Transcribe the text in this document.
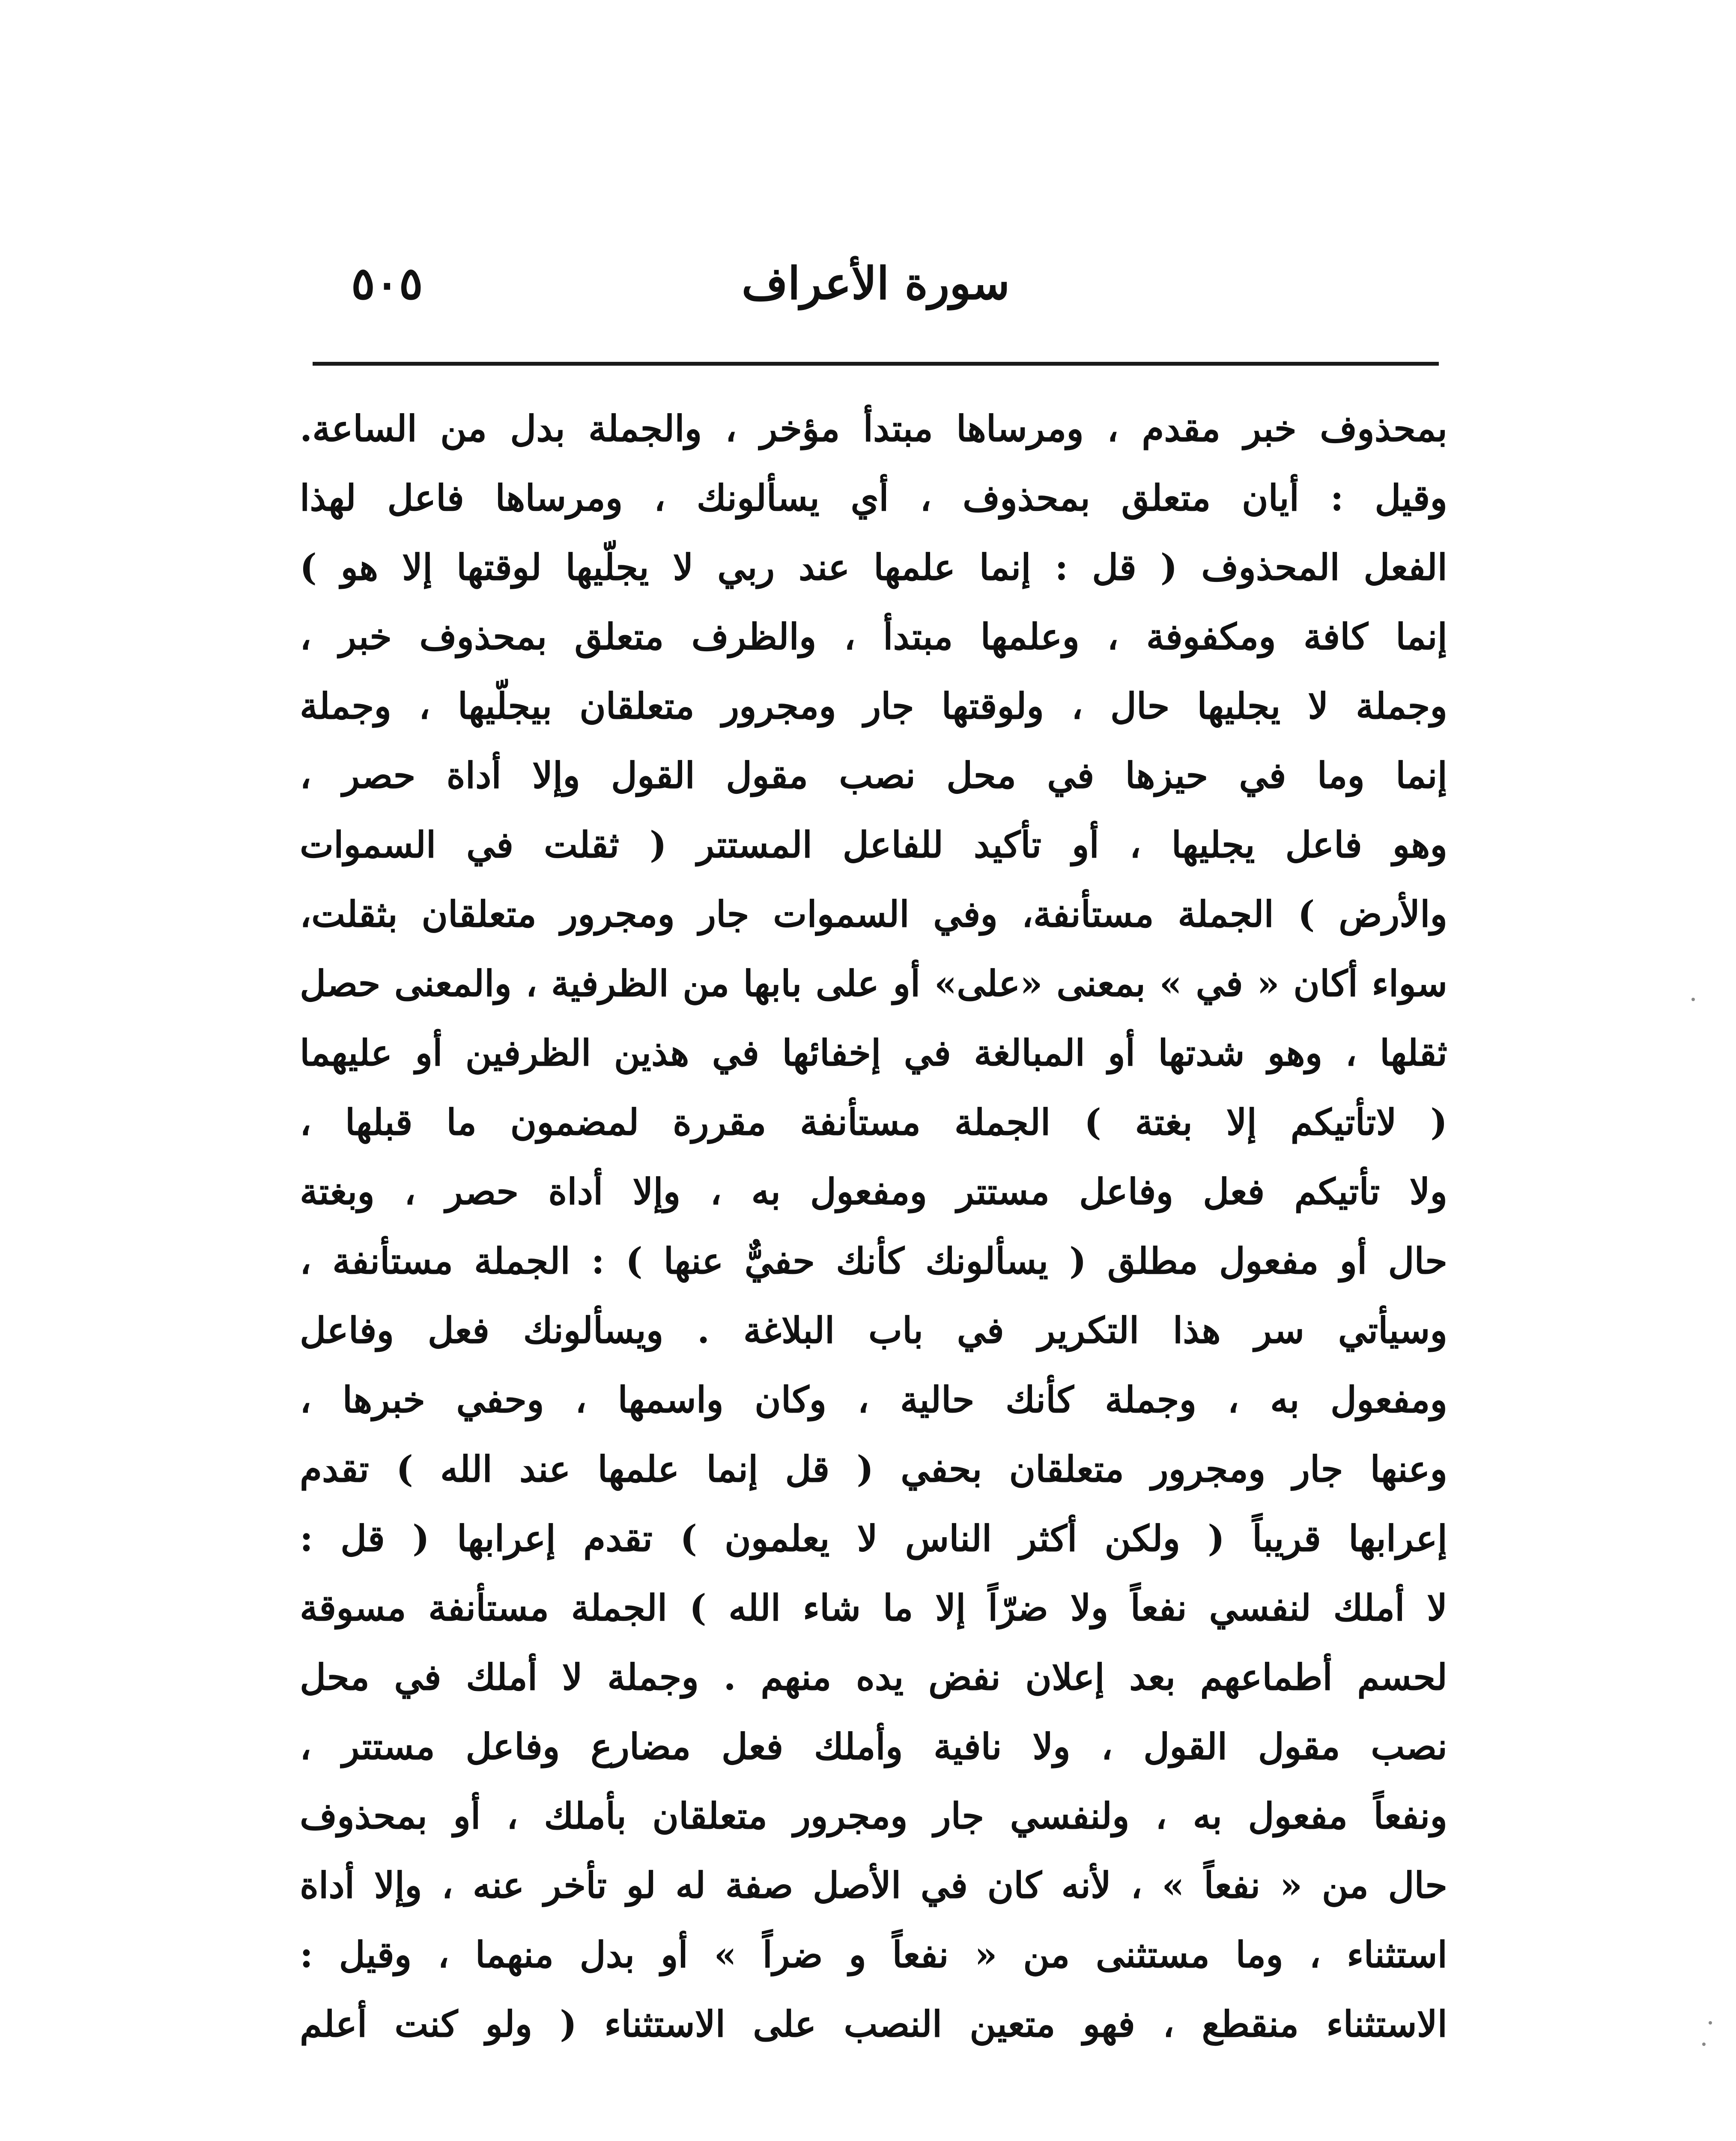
سورة الأعراف
٥٠٥
بمحذوف خبر مقدم ، ومرساها مبتدأ مؤخر ، والجملة بدل من الساعة.
وقيل : أيان متعلق بمحذوف ، أي يسألونك ، ومرساها فاعل لهذا
الفعل المحذوف ( قل : إنما علمها عند ربي لا يجلّيها لوقتها إلا هو )
إنما كافة ومكفوفة ، وعلمها مبتدأ ، والظرف متعلق بمحذوف خبر ،
وجملة لا يجليها حال ، ولوقتها جار ومجرور متعلقان بيجلّيها ، وجملة
إنما وما في حيزها في محل نصب مقول القول وإلا أداة حصر ،
وهو فاعل يجليها ، أو تأكيد للفاعل المستتر ( ثقلت في السموات
والأرض ) الجملة مستأنفة، وفي السموات جار ومجرور متعلقان بثقلت،
سواء أكان « في » بمعنى «على» أو على بابها من الظرفية ، والمعنى حصل
ثقلها ، وهو شدتها أو المبالغة في إخفائها في هذين الظرفين أو عليهما
( لاتأتيكم إلا بغتة ) الجملة مستأنفة مقررة لمضمون ما قبلها ،
ولا تأتيكم فعل وفاعل مستتر ومفعول به ، وإلا أداة حصر ، وبغتة
حال أو مفعول مطلق ( يسألونك كأنك حفيٌّ عنها ) : الجملة مستأنفة ،
وسيأتي سر هذا التكرير في باب البلاغة . ويسألونك فعل وفاعل
ومفعول به ، وجملة كأنك حالية ، وكان واسمها ، وحفي خبرها ،
وعنها جار ومجرور متعلقان بحفي ( قل إنما علمها عند الله ) تقدم
إعرابها قريباً ( ولكن أكثر الناس لا يعلمون ) تقدم إعرابها ( قل :
لا أملك لنفسي نفعاً ولا ضرّاً إلا ما شاء الله ) الجملة مستأنفة مسوقة
لحسم أطماعهم بعد إعلان نفض يده منهم . وجملة لا أملك في محل
نصب مقول القول ، ولا نافية وأملك فعل مضارع وفاعل مستتر ،
ونفعاً مفعول به ، ولنفسي جار ومجرور متعلقان بأملك ، أو بمحذوف
حال من « نفعاً » ، لأنه كان في الأصل صفة له لو تأخر عنه ، وإلا أداة
استثناء ، وما مستثنى من « نفعاً و ضراً » أو بدل منهما ، وقيل :
الاستثناء منقطع ، فهو متعين النصب على الاستثناء ( ولو كنت أعلم
